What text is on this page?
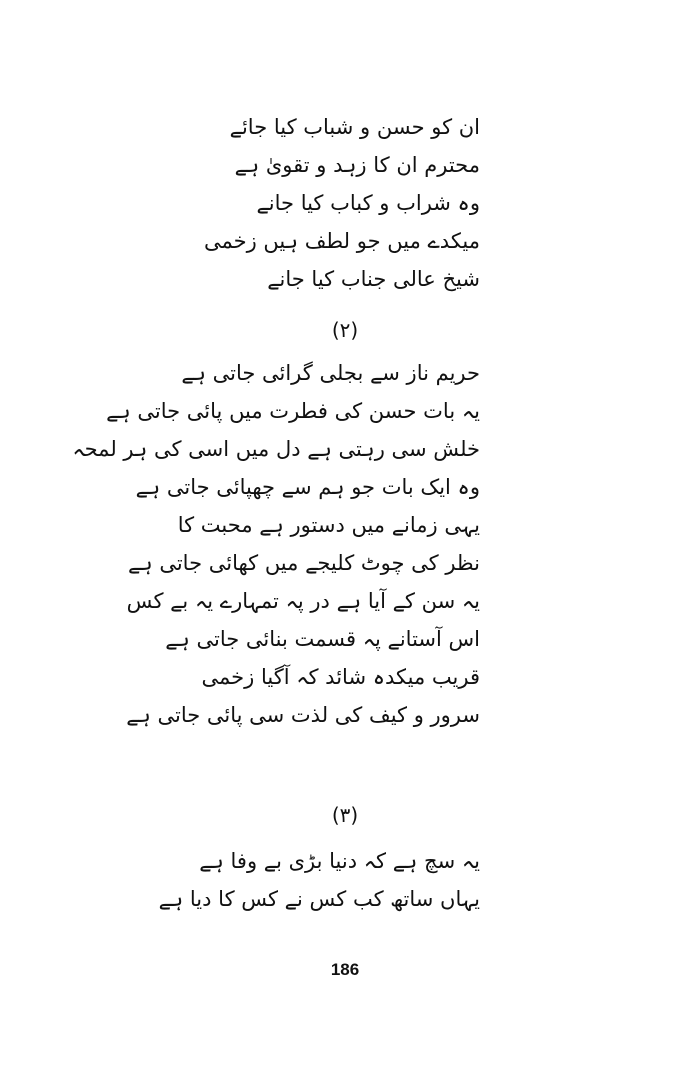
ان کو حسن و شباب کیا جائے
محترم ان کا زہد و تقویٰ ہے
وہ شراب و کباب کیا جانے
میکدے میں جو لطف ہیں زخمی
شیخ عالی جناب کیا جانے
(۲)
حریم ناز سے بجلی گرائی جاتی ہے
یہ بات حسن کی فطرت میں پائی جاتی ہے
خلش سی رہتی ہے دل میں اسی کی ہر لمحہ
وہ ایک بات جو ہم سے چھپائی جاتی ہے
یہی زمانے میں دستور ہے محبت کا
نظر کی چوٹ کلیجے میں کھائی جاتی ہے
یہ سن کے آیا ہے در پہ تمہارے یہ بے کس
اس آستانے پہ قسمت بنائی جاتی ہے
قریب میکدہ شائد کہ آگیا زخمی
سرور و کیف کی لذت سی پائی جاتی ہے
(۳)
یہ سچ ہے کہ دنیا بڑی بے وفا ہے
یہاں ساتھ کب کس نے کس کا دیا ہے
186
